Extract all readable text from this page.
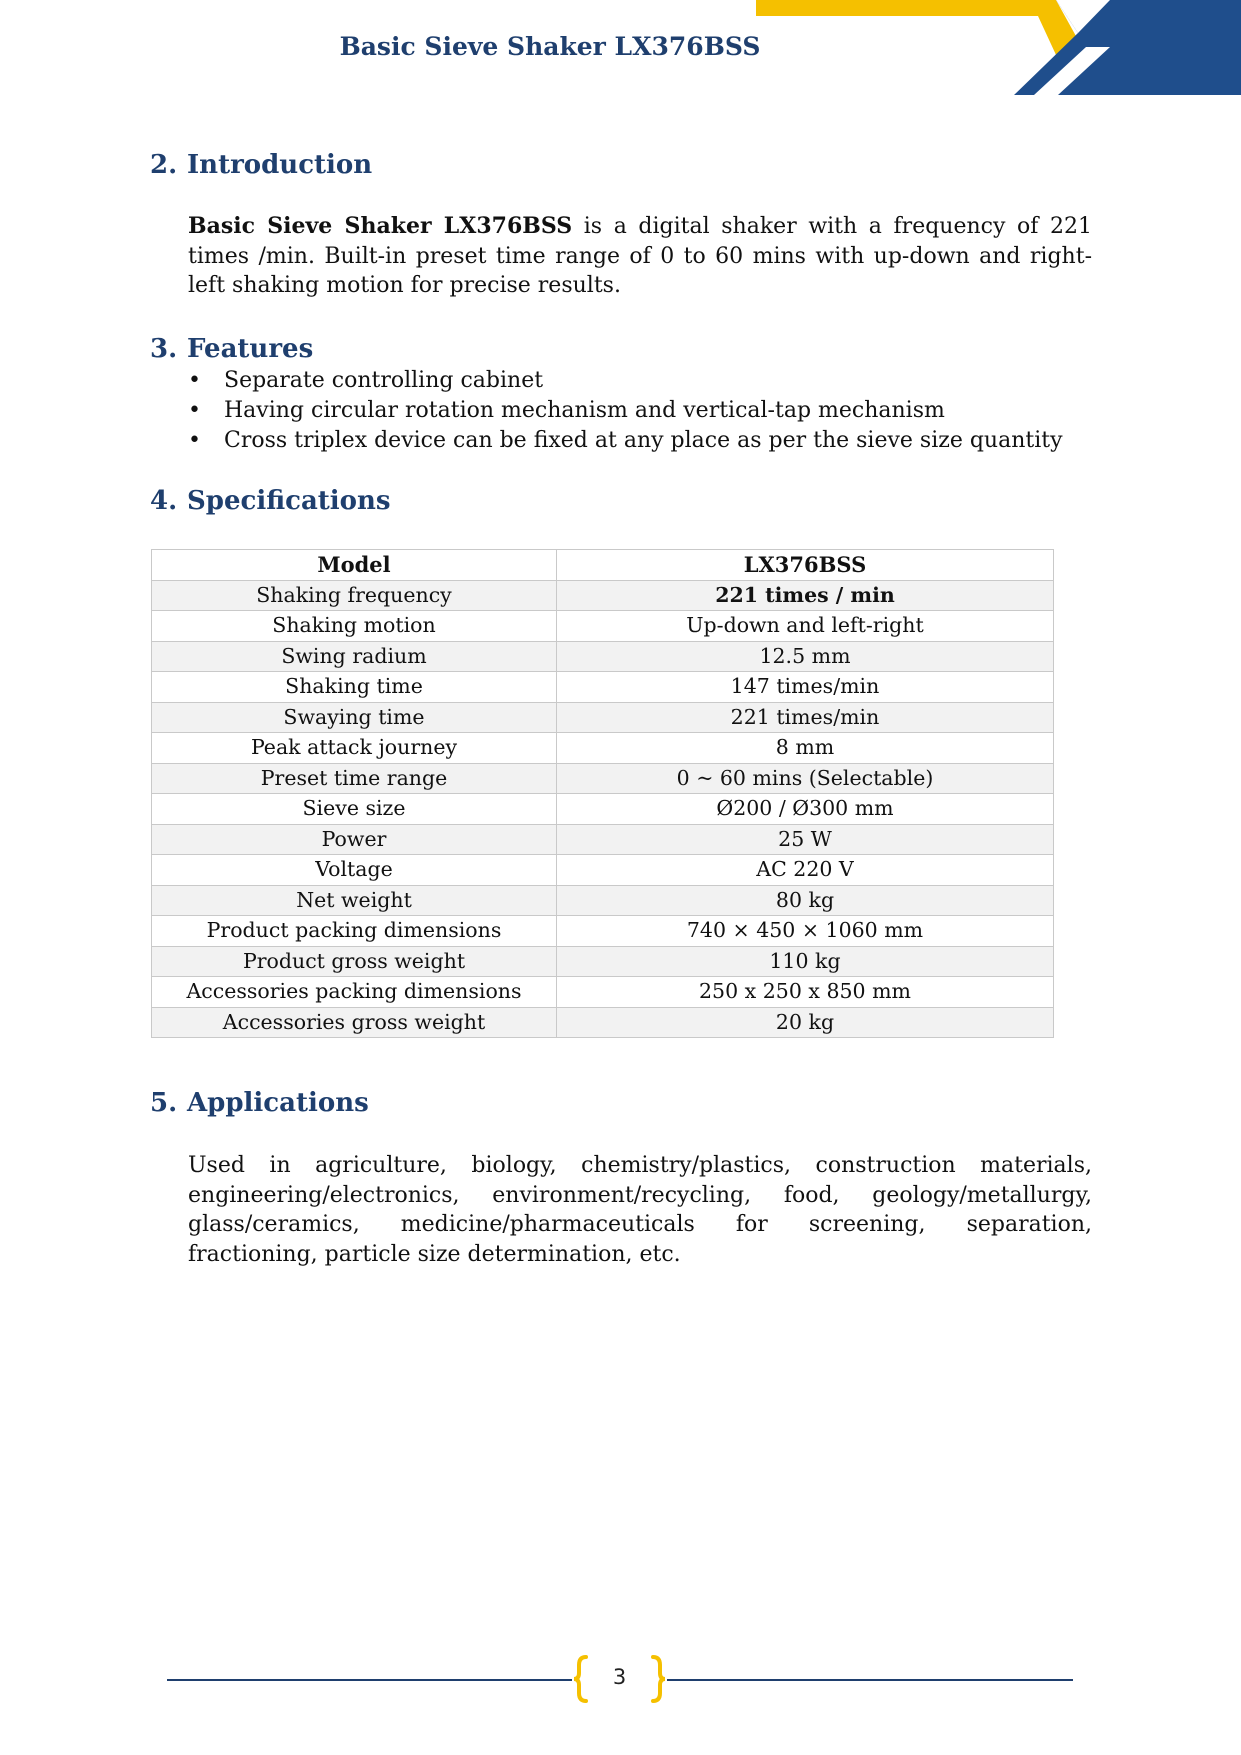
Basic Sieve Shaker LX376BSS
2. Introduction
Basic Sieve Shaker LX376BSS is a digital shaker with a frequency of 221 times /min. Built-in preset time range of 0 to 60 mins with up-down and right-left shaking motion for precise results.
3. Features
• Separate controlling cabinet
• Having circular rotation mechanism and vertical-tap mechanism
• Cross triplex device can be fixed at any place as per the sieve size quantity
4. Specifications
Model	LX376BSS
Shaking frequency	221 times / min
Shaking motion	Up-down and left-right
Swing radium	12.5 mm
Shaking time	147 times/min
Swaying time	221 times/min
Peak attack journey	8 mm
Preset time range	0 ~ 60 mins (Selectable)
Sieve size	Ø200 / Ø300 mm
Power	25 W
Voltage	AC 220 V
Net weight	80 kg
Product packing dimensions	740 × 450 × 1060 mm
Product gross weight	110 kg
Accessories packing dimensions	250 x 250 x 850 mm
Accessories gross weight	20 kg
5. Applications
Used in agriculture, biology, chemistry/plastics, construction materials, engineering/electronics, environment/recycling, food, geology/metallurgy, glass/ceramics, medicine/pharmaceuticals for screening, separation, fractioning, particle size determination, etc.
3
